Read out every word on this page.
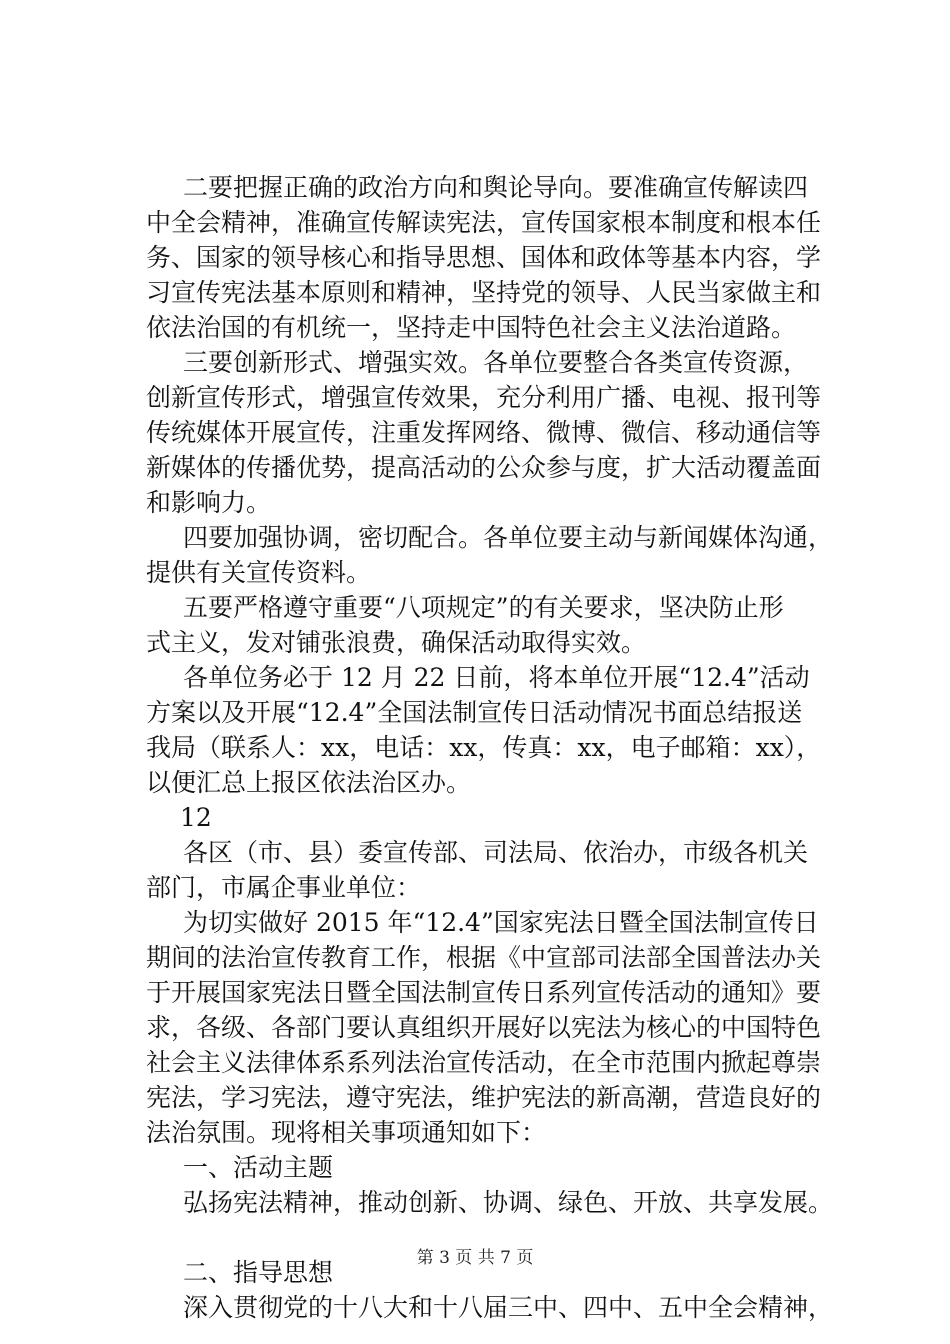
二要把握正确的政治方向和舆论导向。要准确宣传解读四
中全会精神，准确宣传解读宪法，宣传国家根本制度和根本任
务、国家的领导核心和指导思想、国体和政体等基本内容，学
习宣传宪法基本原则和精神，坚持党的领导、人民当家做主和
依法治国的有机统一，坚持走中国特色社会主义法治道路。
三要创新形式、增强实效。各单位要整合各类宣传资源，
创新宣传形式，增强宣传效果，充分利用广播、电视、报刊等
传统媒体开展宣传，注重发挥网络、微博、微信、移动通信等
新媒体的传播优势，提高活动的公众参与度，扩大活动覆盖面
和影响力。
四要加强协调，密切配合。各单位要主动与新闻媒体沟通，
提供有关宣传资料。
五要严格遵守重要“八项规定”的有关要求，坚决防止形
式主义，发对铺张浪费，确保活动取得实效。
各单位务必于 12 月 22 日前，将本单位开展“12.4”活动
方案以及开展“12.4”全国法制宣传日活动情况书面总结报送
我局（联系人：xx，电话：xx，传真：xx，电子邮箱：xx），
以便汇总上报区依法治区办。
12
各区（市、县）委宣传部、司法局、依治办，市级各机关
部门，市属企事业单位：
为切实做好 2015 年“12.4”国家宪法日暨全国法制宣传日
期间的法治宣传教育工作，根据《中宣部司法部全国普法办关
于开展国家宪法日暨全国法制宣传日系列宣传活动的通知》要
求，各级、各部门要认真组织开展好以宪法为核心的中国特色
社会主义法律体系系列法治宣传活动，在全市范围内掀起尊崇
宪法，学习宪法，遵守宪法，维护宪法的新高潮，营造良好的
法治氛围。现将相关事项通知如下：
一、活动主题
弘扬宪法精神，推动创新、协调、绿色、开放、共享发展。
二、指导思想
深入贯彻党的十八大和十八届三中、四中、五中全会精神，
第 3 页 共 7 页
